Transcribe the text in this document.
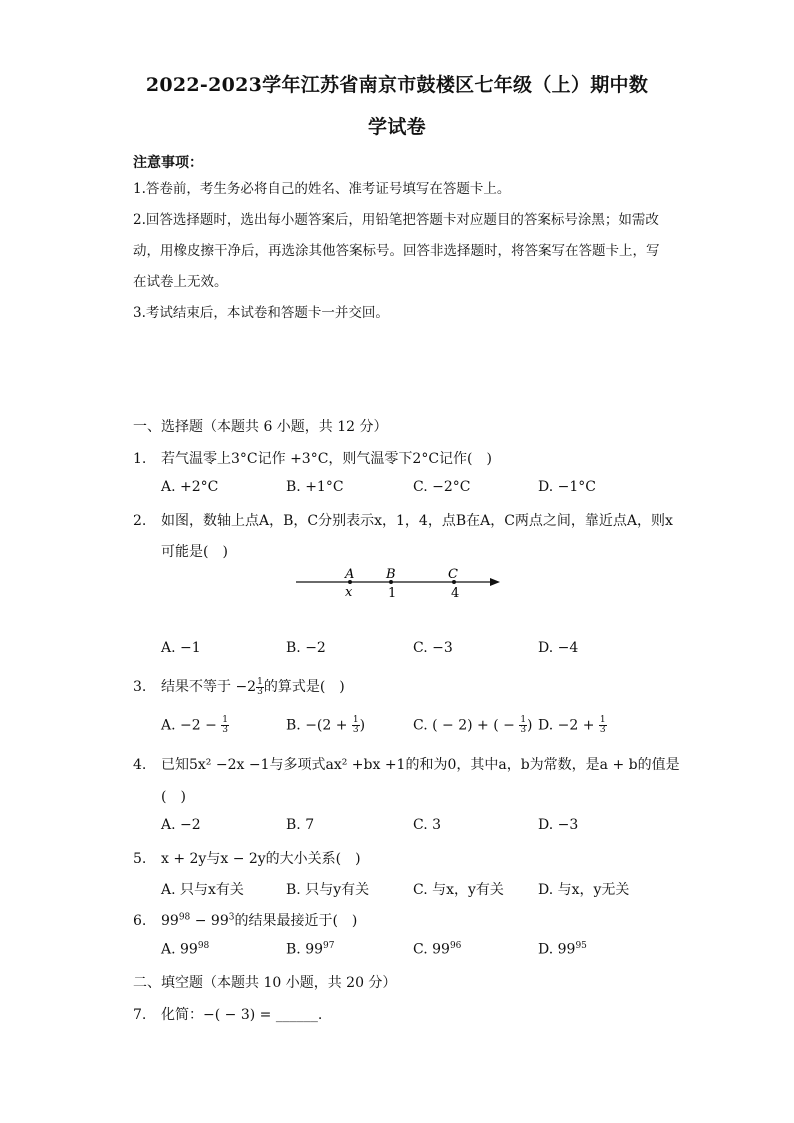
2022-2023学年江苏省南京市鼓楼区七年级（上）期中数
学试卷
注意事项：
1.答卷前，考生务必将自己的姓名、准考证号填写在答题卡上。
2.回答选择题时，选出每小题答案后，用铅笔把答题卡对应题目的答案标号涂黑；如需改动，用橡皮擦干净后，再选涂其他答案标号。回答非选择题时，将答案写在答题卡上，写在试卷上无效。
3.考试结束后，本试卷和答题卡一并交回。
一、选择题（本题共 6 小题，共 12 分）
1. 若气温零上3°C记作 +3°C，则气温零下2°C记作(　)
A. +2°C	B. +1°C	C. −2°C	D. −1°C
2. 如图，数轴上点A，B，C分别表示x，1，4，点B在A，C两点之间，靠近点A，则x
可能是(　)
A B	C
x	1	4
A. −1	B. −2	C. −3	D. −4
3. 结果不等于 $-2 \frac{1}{3}$ 的算式是(　)
A. $-2 - \frac{1}{3}$	B. $-(2 + \frac{1}{3}$ )	C. ( − 2) + ( − $\frac{1}{3}$ ) D. $-2 + \frac{1}{3}$
4. 已知5x² −2x −1与多项式ax² +bx +1的和为0，其中a，b为常数，是a + b的值是
(　)
A. −2	B. 7	C. 3	D. −3
5. x + 2y与x − 2y的大小关系(　)
A. 只与x有关	B. 只与y有关	C. 与x，y有关 D. 与x，y无关
6. $99^{98} - 99^3$的结果最接近于(　)
A. $99^{98}$	B. $99^{97}$	C. $99^{96}$	D. $99^{95}$
二、填空题（本题共 10 小题，共 20 分）
7. 化简：−( − 3) = ______.
